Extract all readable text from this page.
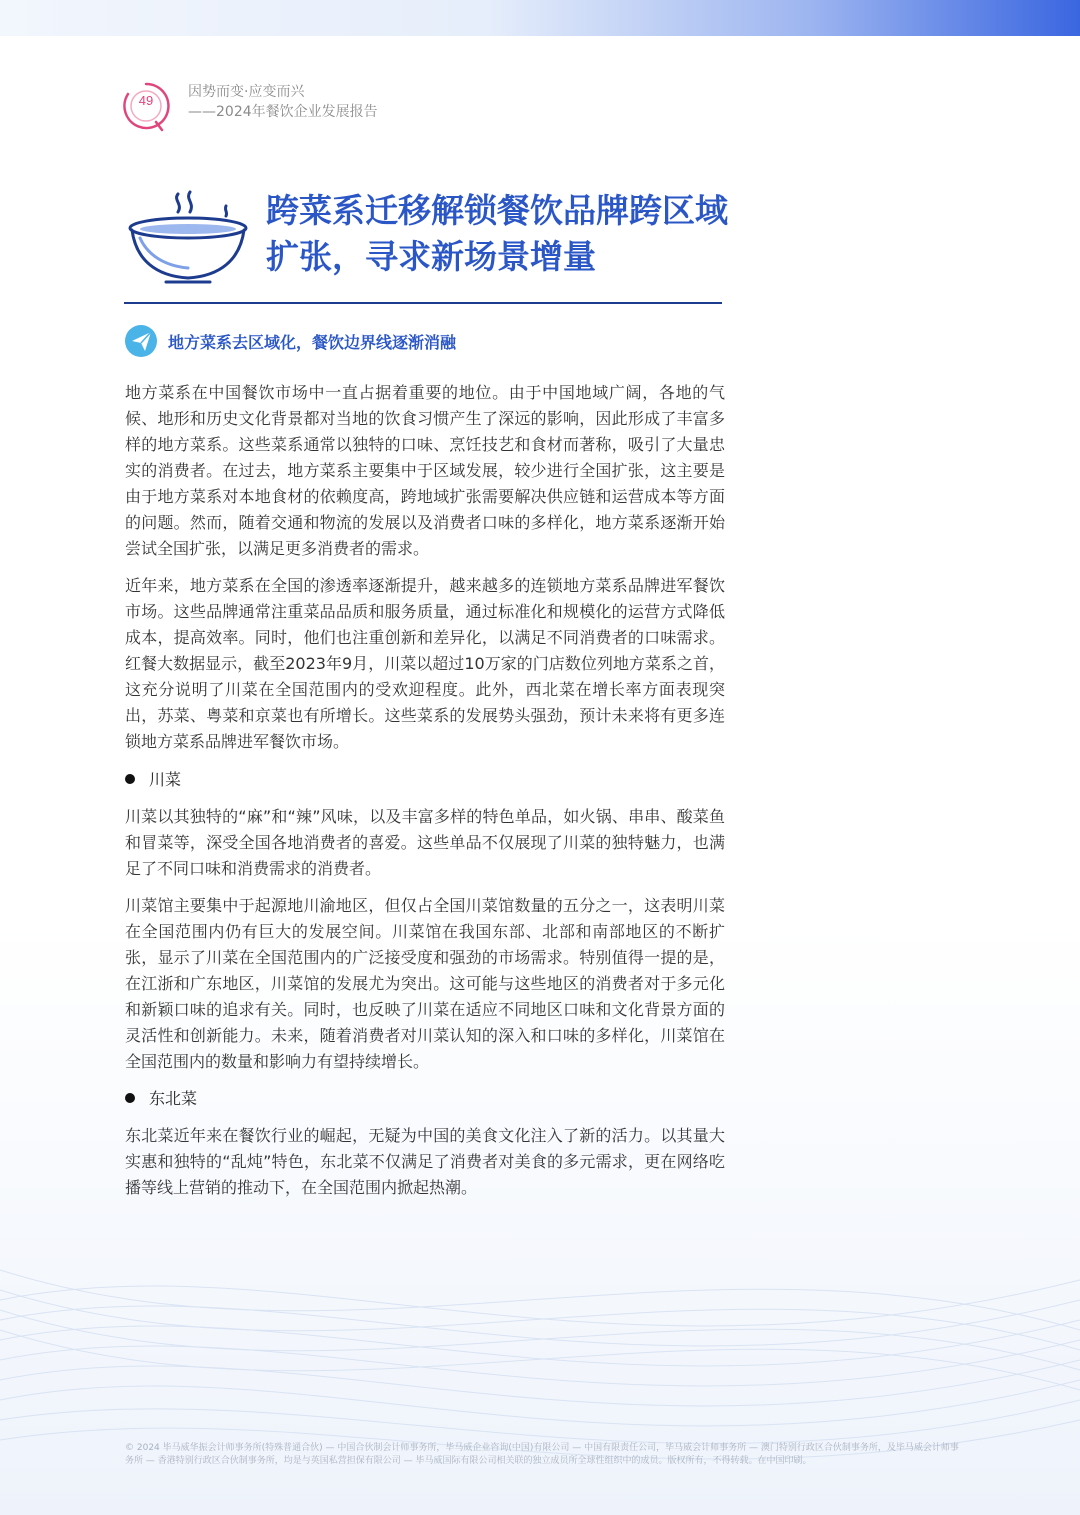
49
因势而变·应变而兴
——2024年餐饮企业发展报告
跨菜系迁移解锁餐饮品牌跨区域扩张，寻求新场景增量
地方菜系去区域化，餐饮边界线逐渐消融
地方菜系在中国餐饮市场中一直占据着重要的地位。由于中国地域广阔，各地的气候、地形和历史文化背景都对当地的饮食习惯产生了深远的影响，因此形成了丰富多样的地方菜系。这些菜系通常以独特的口味、烹饪技艺和食材而著称，吸引了大量忠实的消费者。在过去，地方菜系主要集中于区域发展，较少进行全国扩张，这主要是由于地方菜系对本地食材的依赖度高，跨地域扩张需要解决供应链和运营成本等方面的问题。然而，随着交通和物流的发展以及消费者口味的多样化，地方菜系逐渐开始尝试全国扩张，以满足更多消费者的需求。
近年来，地方菜系在全国的渗透率逐渐提升，越来越多的连锁地方菜系品牌进军餐饮市场。这些品牌通常注重菜品品质和服务质量，通过标准化和规模化的运营方式降低成本，提高效率。同时，他们也注重创新和差异化，以满足不同消费者的口味需求。红餐大数据显示，截至2023年9月，川菜以超过10万家的门店数位列地方菜系之首，这充分说明了川菜在全国范围内的受欢迎程度。此外，西北菜在增长率方面表现突出，苏菜、粤菜和京菜也有所增长。这些菜系的发展势头强劲，预计未来将有更多连锁地方菜系品牌进军餐饮市场。
川菜
川菜以其独特的“麻”和“辣”风味，以及丰富多样的特色单品，如火锅、串串、酸菜鱼和冒菜等，深受全国各地消费者的喜爱。这些单品不仅展现了川菜的独特魅力，也满足了不同口味和消费需求的消费者。
川菜馆主要集中于起源地川渝地区，但仅占全国川菜馆数量的五分之一，这表明川菜在全国范围内仍有巨大的发展空间。川菜馆在我国东部、北部和南部地区的不断扩张，显示了川菜在全国范围内的广泛接受度和强劲的市场需求。特别值得一提的是，在江浙和广东地区，川菜馆的发展尤为突出。这可能与这些地区的消费者对于多元化和新颖口味的追求有关。同时，也反映了川菜在适应不同地区口味和文化背景方面的灵活性和创新能力。未来，随着消费者对川菜认知的深入和口味的多样化，川菜馆在全国范围内的数量和影响力有望持续增长。
东北菜
东北菜近年来在餐饮行业的崛起，无疑为中国的美食文化注入了新的活力。以其量大实惠和独特的“乱炖”特色，东北菜不仅满足了消费者对美食的多元需求，更在网络吃播等线上营销的推动下，在全国范围内掀起热潮。
© 2024 毕马威华振会计师事务所(特殊普通合伙) — 中国合伙制会计师事务所，毕马威企业咨询(中国)有限公司 — 中国有限责任公司，毕马威会计师事务所 — 澳门特别行政区合伙制事务所，及毕马威会计师事务所 — 香港特别行政区合伙制事务所，均是与英国私营担保有限公司 — 毕马威国际有限公司相关联的独立成员所全球性组织中的成员。版权所有，不得转载。在中国印刷。
